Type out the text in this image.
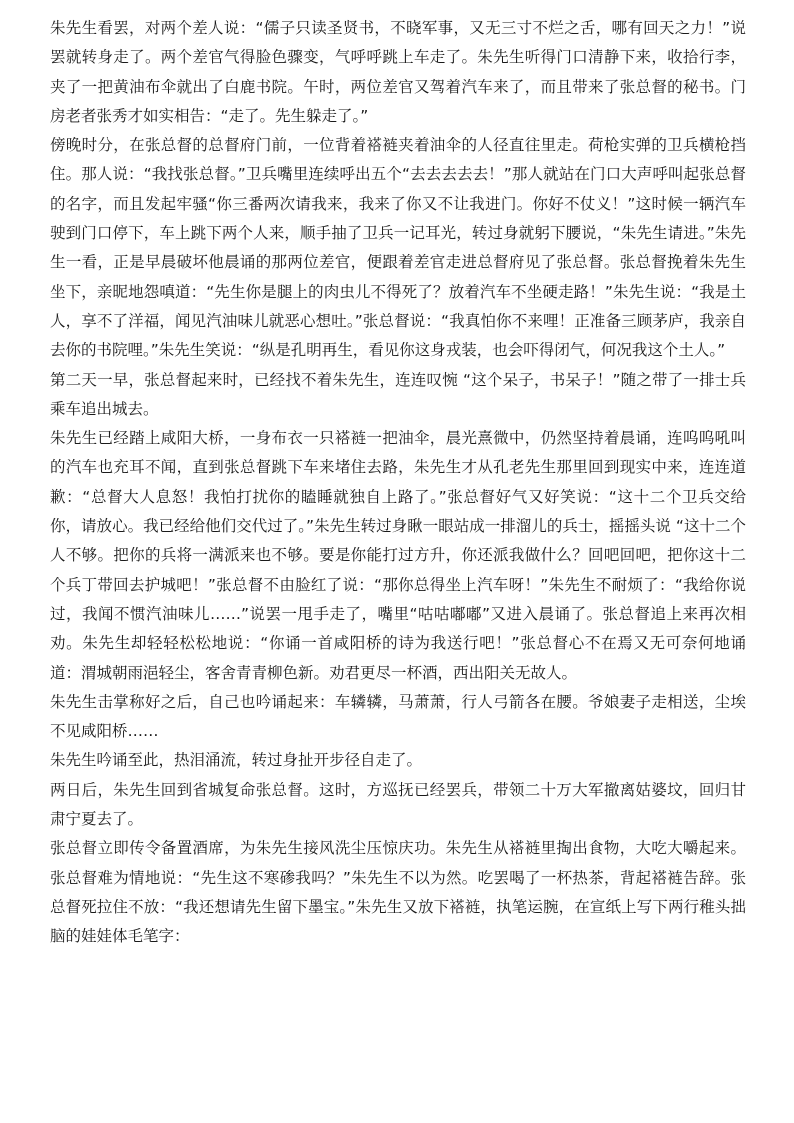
朱先生看罢，对两个差人说：“儒子只读圣贤书，不晓军事，又无三寸不烂之舌，哪有回天之力！”说罢就转身走了。两个差官气得脸色骤变，气呼呼跳上车走了。朱先生听得门口清静下来，收拾行李，夹了一把黄油布伞就出了白鹿书院。午时，两位差官又驾着汽车来了，而且带来了张总督的秘书。门房老者张秀才如实相告：“走了。先生躲走了。”

傍晚时分，在张总督的总督府门前，一位背着褡裢夹着油伞的人径直往里走。荷枪实弹的卫兵横枪挡住。那人说：“我找张总督。”卫兵嘴里连续呼出五个“去去去去去！”那人就站在门口大声呼叫起张总督的名字，而且发起牢骚“你三番两次请我来，我来了你又不让我进门。你好不仗义！”这时候一辆汽车驶到门口停下，车上跳下两个人来，顺手抽了卫兵一记耳光，转过身就躬下腰说，“朱先生请进。”朱先生一看，正是早晨破坏他晨诵的那两位差官，便跟着差官走进总督府见了张总督。张总督挽着朱先生坐下，亲昵地怨嗔道：“先生你是腿上的肉虫儿不得死了？放着汽车不坐硬走路！”朱先生说：“我是土人，享不了洋福，闻见汽油味儿就恶心想吐。”张总督说：“我真怕你不来哩！正准备三顾茅庐，我亲自去你的书院哩。”朱先生笑说：“纵是孔明再生，看见你这身戎装，也会吓得闭气，何况我这个土人。”

第二天一早，张总督起来时，已经找不着朱先生，连连叹惋 “这个呆子，书呆子！”随之带了一排士兵乘车追出城去。

朱先生已经踏上咸阳大桥，一身布衣一只褡裢一把油伞，晨光熹微中，仍然坚持着晨诵，连呜呜吼叫的汽车也充耳不闻，直到张总督跳下车来堵住去路，朱先生才从孔老先生那里回到现实中来，连连道歉：“总督大人息怒！我怕打扰你的瞌睡就独自上路了。”张总督好气又好笑说：“这十二个卫兵交给你，请放心。我已经给他们交代过了。”朱先生转过身瞅一眼站成一排溜儿的兵士，摇摇头说 “这十二个人不够。把你的兵将一满派来也不够。要是你能打过方升，你还派我做什么？回吧回吧，把你这十二个兵丁带回去护城吧！”张总督不由脸红了说：“那你总得坐上汽车呀！”朱先生不耐烦了：“我给你说过，我闻不惯汽油味儿……”说罢一甩手走了，嘴里“咕咕嘟嘟”又进入晨诵了。张总督追上来再次相劝。朱先生却轻轻松松地说：“你诵一首咸阳桥的诗为我送行吧！”张总督心不在焉又无可奈何地诵道：渭城朝雨浥轻尘，客舍青青柳色新。劝君更尽一杯酒，西出阳关无故人。

朱先生击掌称好之后，自己也吟诵起来：车辚辚，马萧萧，行人弓箭各在腰。爷娘妻子走相送，尘埃不见咸阳桥……

朱先生吟诵至此，热泪涌流，转过身扯开步径自走了。

两日后，朱先生回到省城复命张总督。这时，方巡抚已经罢兵，带领二十万大军撤离姑婆坟，回归甘肃宁夏去了。

张总督立即传令备置酒席，为朱先生接风洗尘压惊庆功。朱先生从褡裢里掏出食物，大吃大嚼起来。张总督难为情地说：“先生这不寒碜我吗？”朱先生不以为然。吃罢喝了一杯热茶，背起褡裢告辞。张总督死拉住不放：“我还想请先生留下墨宝。”朱先生又放下褡裢，执笔运腕，在宣纸上写下两行稚头拙脑的娃娃体毛笔字：
